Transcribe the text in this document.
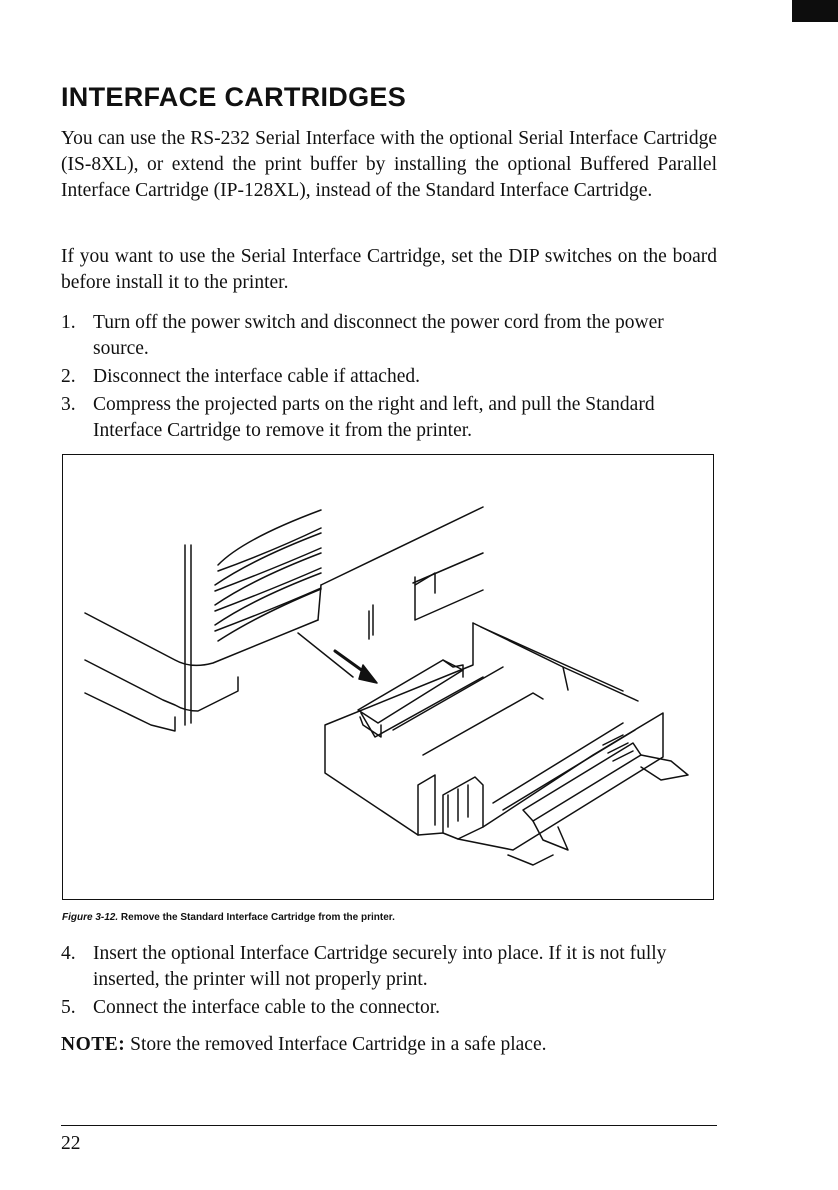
INTERFACE CARTRIDGES

You can use the RS-232 Serial Interface with the optional Serial Interface Cartridge (IS-8XL), or extend the print buffer by installing the optional Buffered Parallel Interface Cartridge (IP-128XL), instead of the Standard Interface Cartridge.

If you want to use the Serial Interface Cartridge, set the DIP switches on the board before install it to the printer.

1. Turn off the power switch and disconnect the power cord from the power source.
2. Disconnect the interface cable if attached.
3. Compress the projected parts on the right and left, and pull the Standard Interface Cartridge to remove it from the printer.

Figure 3-12. Remove the Standard Interface Cartridge from the printer.

4. Insert the optional Interface Cartridge securely into place. If it is not fully inserted, the printer will not properly print.
5. Connect the interface cable to the connector.

NOTE: Store the removed Interface Cartridge in a safe place.

22
